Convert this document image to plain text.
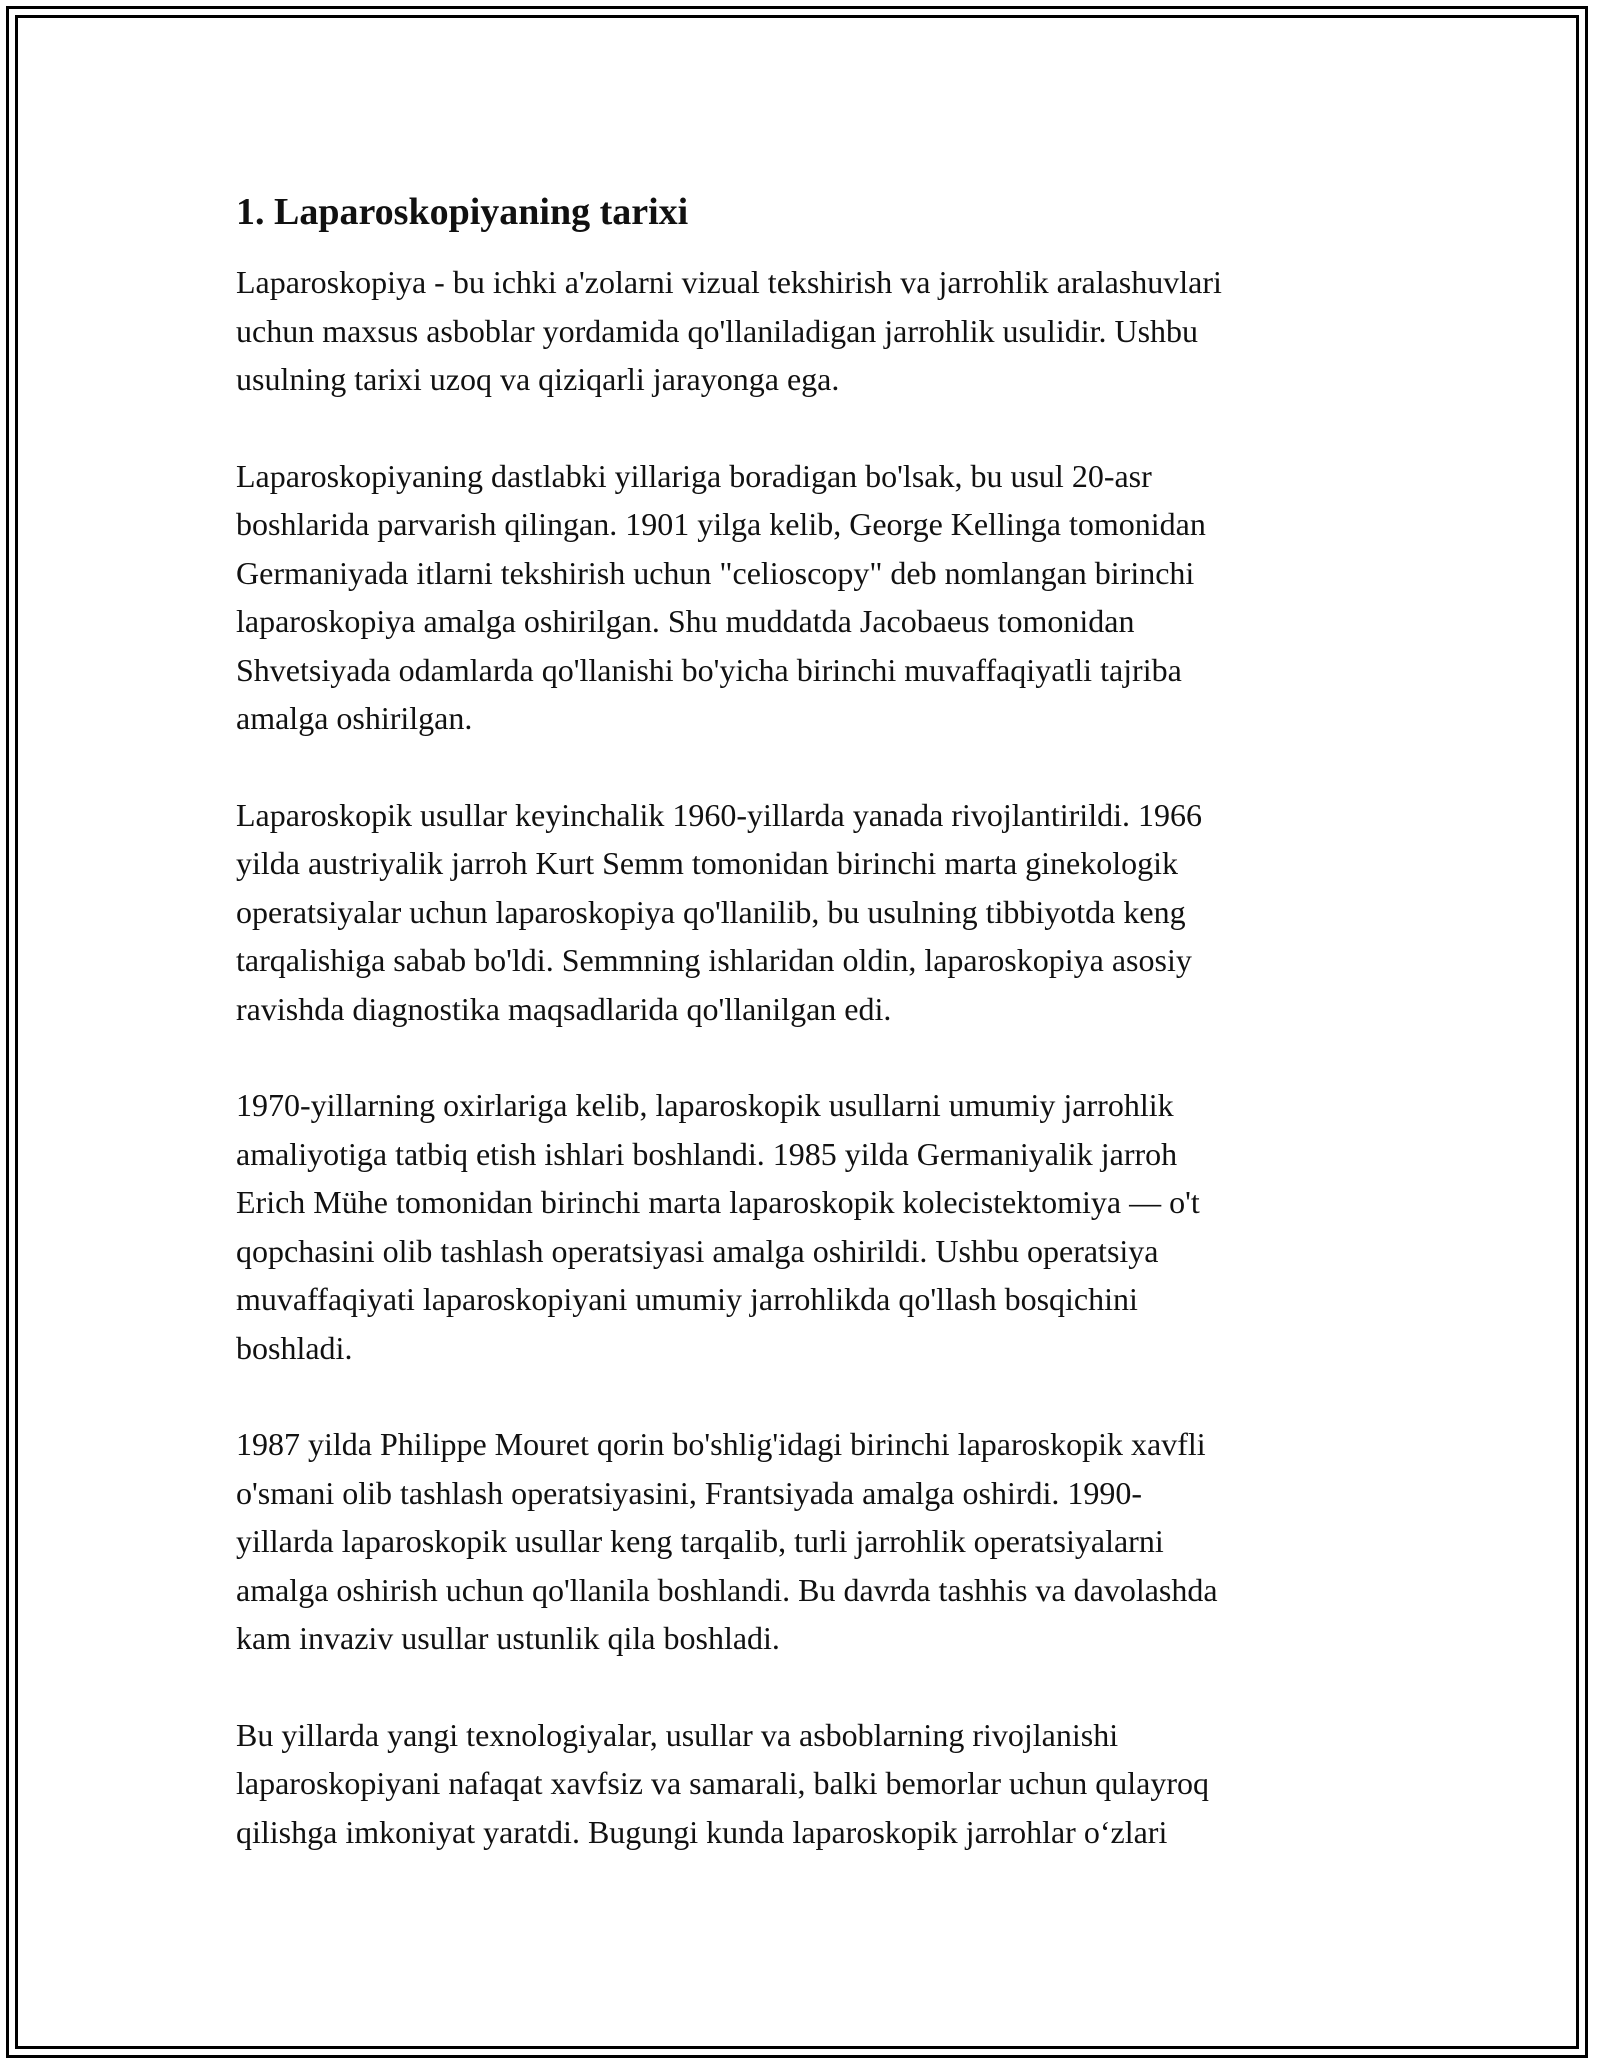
1. Laparoskopiyaning tarixi

Laparoskopiya - bu ichki a'zolarni vizual tekshirish va jarrohlik aralashuvlari
uchun maxsus asboblar yordamida qo'llaniladigan jarrohlik usulidir. Ushbu
usulning tarixi uzoq va qiziqarli jarayonga ega.

Laparoskopiyaning dastlabki yillariga boradigan bo'lsak, bu usul 20-asr
boshlarida parvarish qilingan. 1901 yilga kelib, George Kellinga tomonidan
Germaniyada itlarni tekshirish uchun "celioscopy" deb nomlangan birinchi
laparoskopiya amalga oshirilgan. Shu muddatda Jacobaeus tomonidan
Shvetsiyada odamlarda qo'llanishi bo'yicha birinchi muvaffaqiyatli tajriba
amalga oshirilgan.

Laparoskopik usullar keyinchalik 1960-yillarda yanada rivojlantirildi. 1966
yilda austriyalik jarroh Kurt Semm tomonidan birinchi marta ginekologik
operatsiyalar uchun laparoskopiya qo'llanilib, bu usulning tibbiyotda keng
tarqalishiga sabab bo'ldi. Semmning ishlaridan oldin, laparoskopiya asosiy
ravishda diagnostika maqsadlarida qo'llanilgan edi.

1970-yillarning oxirlariga kelib, laparoskopik usullarni umumiy jarrohlik
amaliyotiga tatbiq etish ishlari boshlandi. 1985 yilda Germaniyalik jarroh
Erich Mühe tomonidan birinchi marta laparoskopik kolecistektomiya — o't
qopchasini olib tashlash operatsiyasi amalga oshirildi. Ushbu operatsiya
muvaffaqiyati laparoskopiyani umumiy jarrohlikda qo'llash bosqichini
boshladi.

1987 yilda Philippe Mouret qorin bo'shlig'idagi birinchi laparoskopik xavfli
o'smani olib tashlash operatsiyasini, Frantsiyada amalga oshirdi. 1990-
yillarda laparoskopik usullar keng tarqalib, turli jarrohlik operatsiyalarni
amalga oshirish uchun qo'llanila boshlandi. Bu davrda tashhis va davolashda
kam invaziv usullar ustunlik qila boshladi.

Bu yillarda yangi texnologiyalar, usullar va asboblarning rivojlanishi
laparoskopiyani nafaqat xavfsiz va samarali, balki bemorlar uchun qulayroq
qilishga imkoniyat yaratdi. Bugungi kunda laparoskopik jarrohlar o‘zlari
